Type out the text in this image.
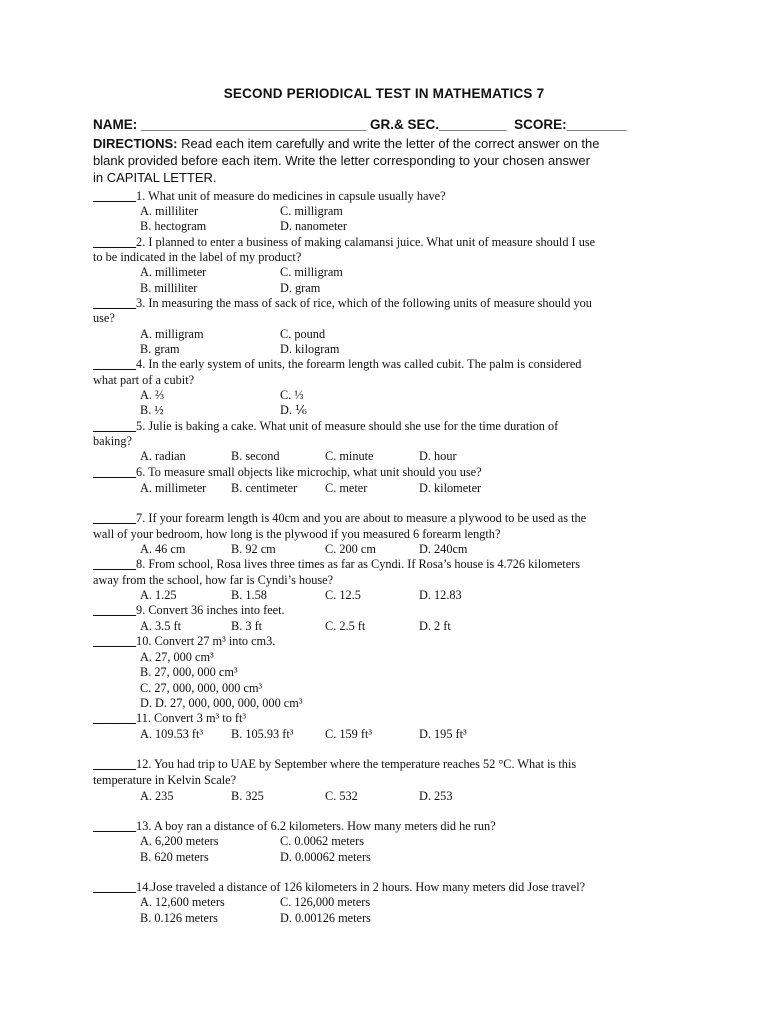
SECOND PERIODICAL TEST IN MATHEMATICS 7
NAME: ______________________________ GR.& SEC._________  SCORE:________
DIRECTIONS: Read each item carefully and write the letter of the correct answer on the
blank provided before each item. Write the letter corresponding to your chosen answer
in CAPITAL LETTER.
_______1. What unit of measure do medicines in capsule usually have?
A. milliliter	C. milligram
B. hectogram	D. nanometer
_______2. I planned to enter a business of making calamansi juice. What unit of measure should I use
to be indicated in the label of my product?
A. millimeter	C. milligram
B. milliliter	D. gram
_______3. In measuring the mass of sack of rice, which of the following units of measure should you
use?
A. milligram	C. pound
B. gram	D. kilogram
_______4. In the early system of units, the forearm length was called cubit. The palm is considered
what part of a cubit?
A. ⅔	C. ⅓
B. ½	D. ⅙
_______5. Julie is baking a cake. What unit of measure should she use for the time duration of
baking?
A. radian	B. second	C. minute	D. hour
_______6. To measure small objects like microchip, what unit should you use?
A. millimeter B. centimeter C. meter	D. kilometer
_______7. If your forearm length is 40cm and you are about to measure a plywood to be used as the
wall of your bedroom, how long is the plywood if you measured 6 forearm length?
A. 46 cm	B. 92 cm	C. 200 cm	D. 240cm
_______8. From school, Rosa lives three times as far as Cyndi. If Rosa’s house is 4.726 kilometers
away from the school, how far is Cyndi’s house?
A. 1.25	B. 1.58	C. 12.5	D. 12.83
_______9. Convert 36 inches into feet.
A. 3.5 ft	B. 3 ft	C. 2.5 ft	D. 2 ft
_______10. Convert 27 m³ into cm3.
A. 27, 000 cm³
B. 27, 000, 000 cm³
C. 27, 000, 000, 000 cm³
D. D. 27, 000, 000, 000, 000 cm³
_______11. Convert 3 m³ to ft³
A. 109.53 ft³ B. 105.93 ft³	C. 159 ft³	D. 195 ft³
_______12. You had trip to UAE by September where the temperature reaches 52 °C. What is this
temperature in Kelvin Scale?
A. 235	B. 325	C. 532	D. 253
_______13. A boy ran a distance of 6.2 kilometers. How many meters did he run?
A. 6,200 meters	C. 0.0062 meters
B. 620 meters	D. 0.00062 meters
_______14.Jose traveled a distance of 126 kilometers in 2 hours. How many meters did Jose travel?
A. 12,600 meters	C. 126,000 meters
B. 0.126 meters	D. 0.00126 meters
